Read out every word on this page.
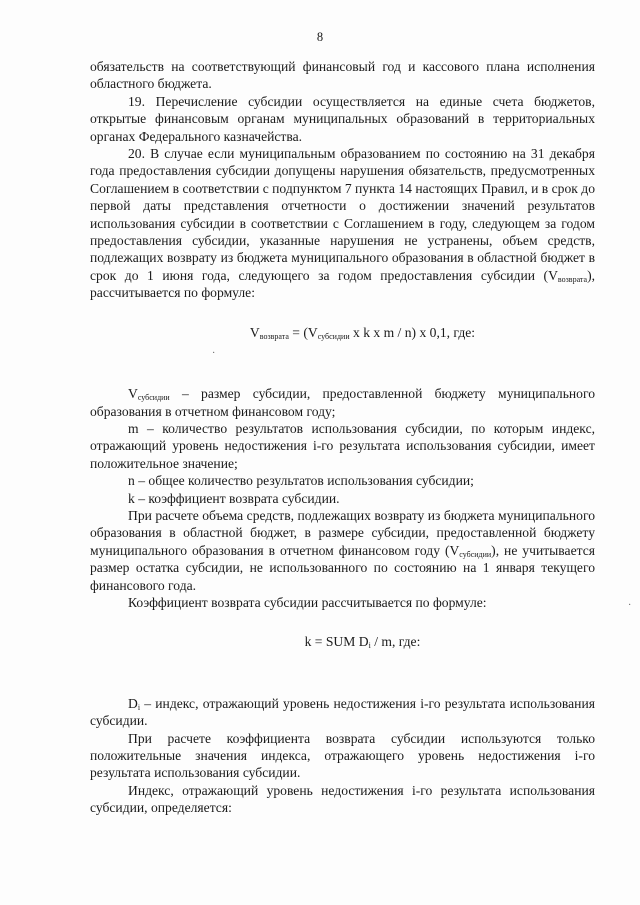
8

обязательств на соответствующий финансовый год и кассового плана исполнения областного бюджета.

19. Перечисление субсидии осуществляется на единые счета бюджетов, открытые финансовым органам муниципальных образований в территориальных органах Федерального казначейства.

20. В случае если муниципальным образованием по состоянию на 31 декабря года предоставления субсидии допущены нарушения обязательств, предусмотренных Соглашением в соответствии с подпунктом 7 пункта 14 настоящих Правил, и в срок до первой даты представления отчетности о достижении значений результатов использования субсидии в соответствии с Соглашением в году, следующем за годом предоставления субсидии, указанные нарушения не устранены, объем средств, подлежащих возврату из бюджета муниципального образования в областной бюджет в срок до 1 июня года, следующего за годом предоставления субсидии $(V_{возврата})$, рассчитывается по формуле:

$V_{возврата} = (V_{субсидии}$ x k x m / n) x 0,1, где:

$V_{субсидии}$ – размер субсидии, предоставленной бюджету муниципального образования в отчетном финансовом году;

m – количество результатов использования субсидии, по которым индекс, отражающий уровень недостижения i-го результата использования субсидии, имеет положительное значение;

n – общее количество результатов использования субсидии;

k – коэффициент возврата субсидии.

При расчете объема средств, подлежащих возврату из бюджета муниципального образования в областной бюджет, в размере субсидии, предоставленной бюджету муниципального образования в отчетном финансовом году $(V_{субсидии})$, не учитывается размер остатка субсидии, не использованного по состоянию на 1 января текущего финансового года.

Коэффициент возврата субсидии рассчитывается по формуле:

k = SUM $D_i$ / m, где:

$D_i$ – индекс, отражающий уровень недостижения i-го результата использования субсидии.

При расчете коэффициента возврата субсидии используются только положительные значения индекса, отражающего уровень недостижения i-го результата использования субсидии.

Индекс, отражающий уровень недостижения i-го результата использования субсидии, определяется:

·
·
